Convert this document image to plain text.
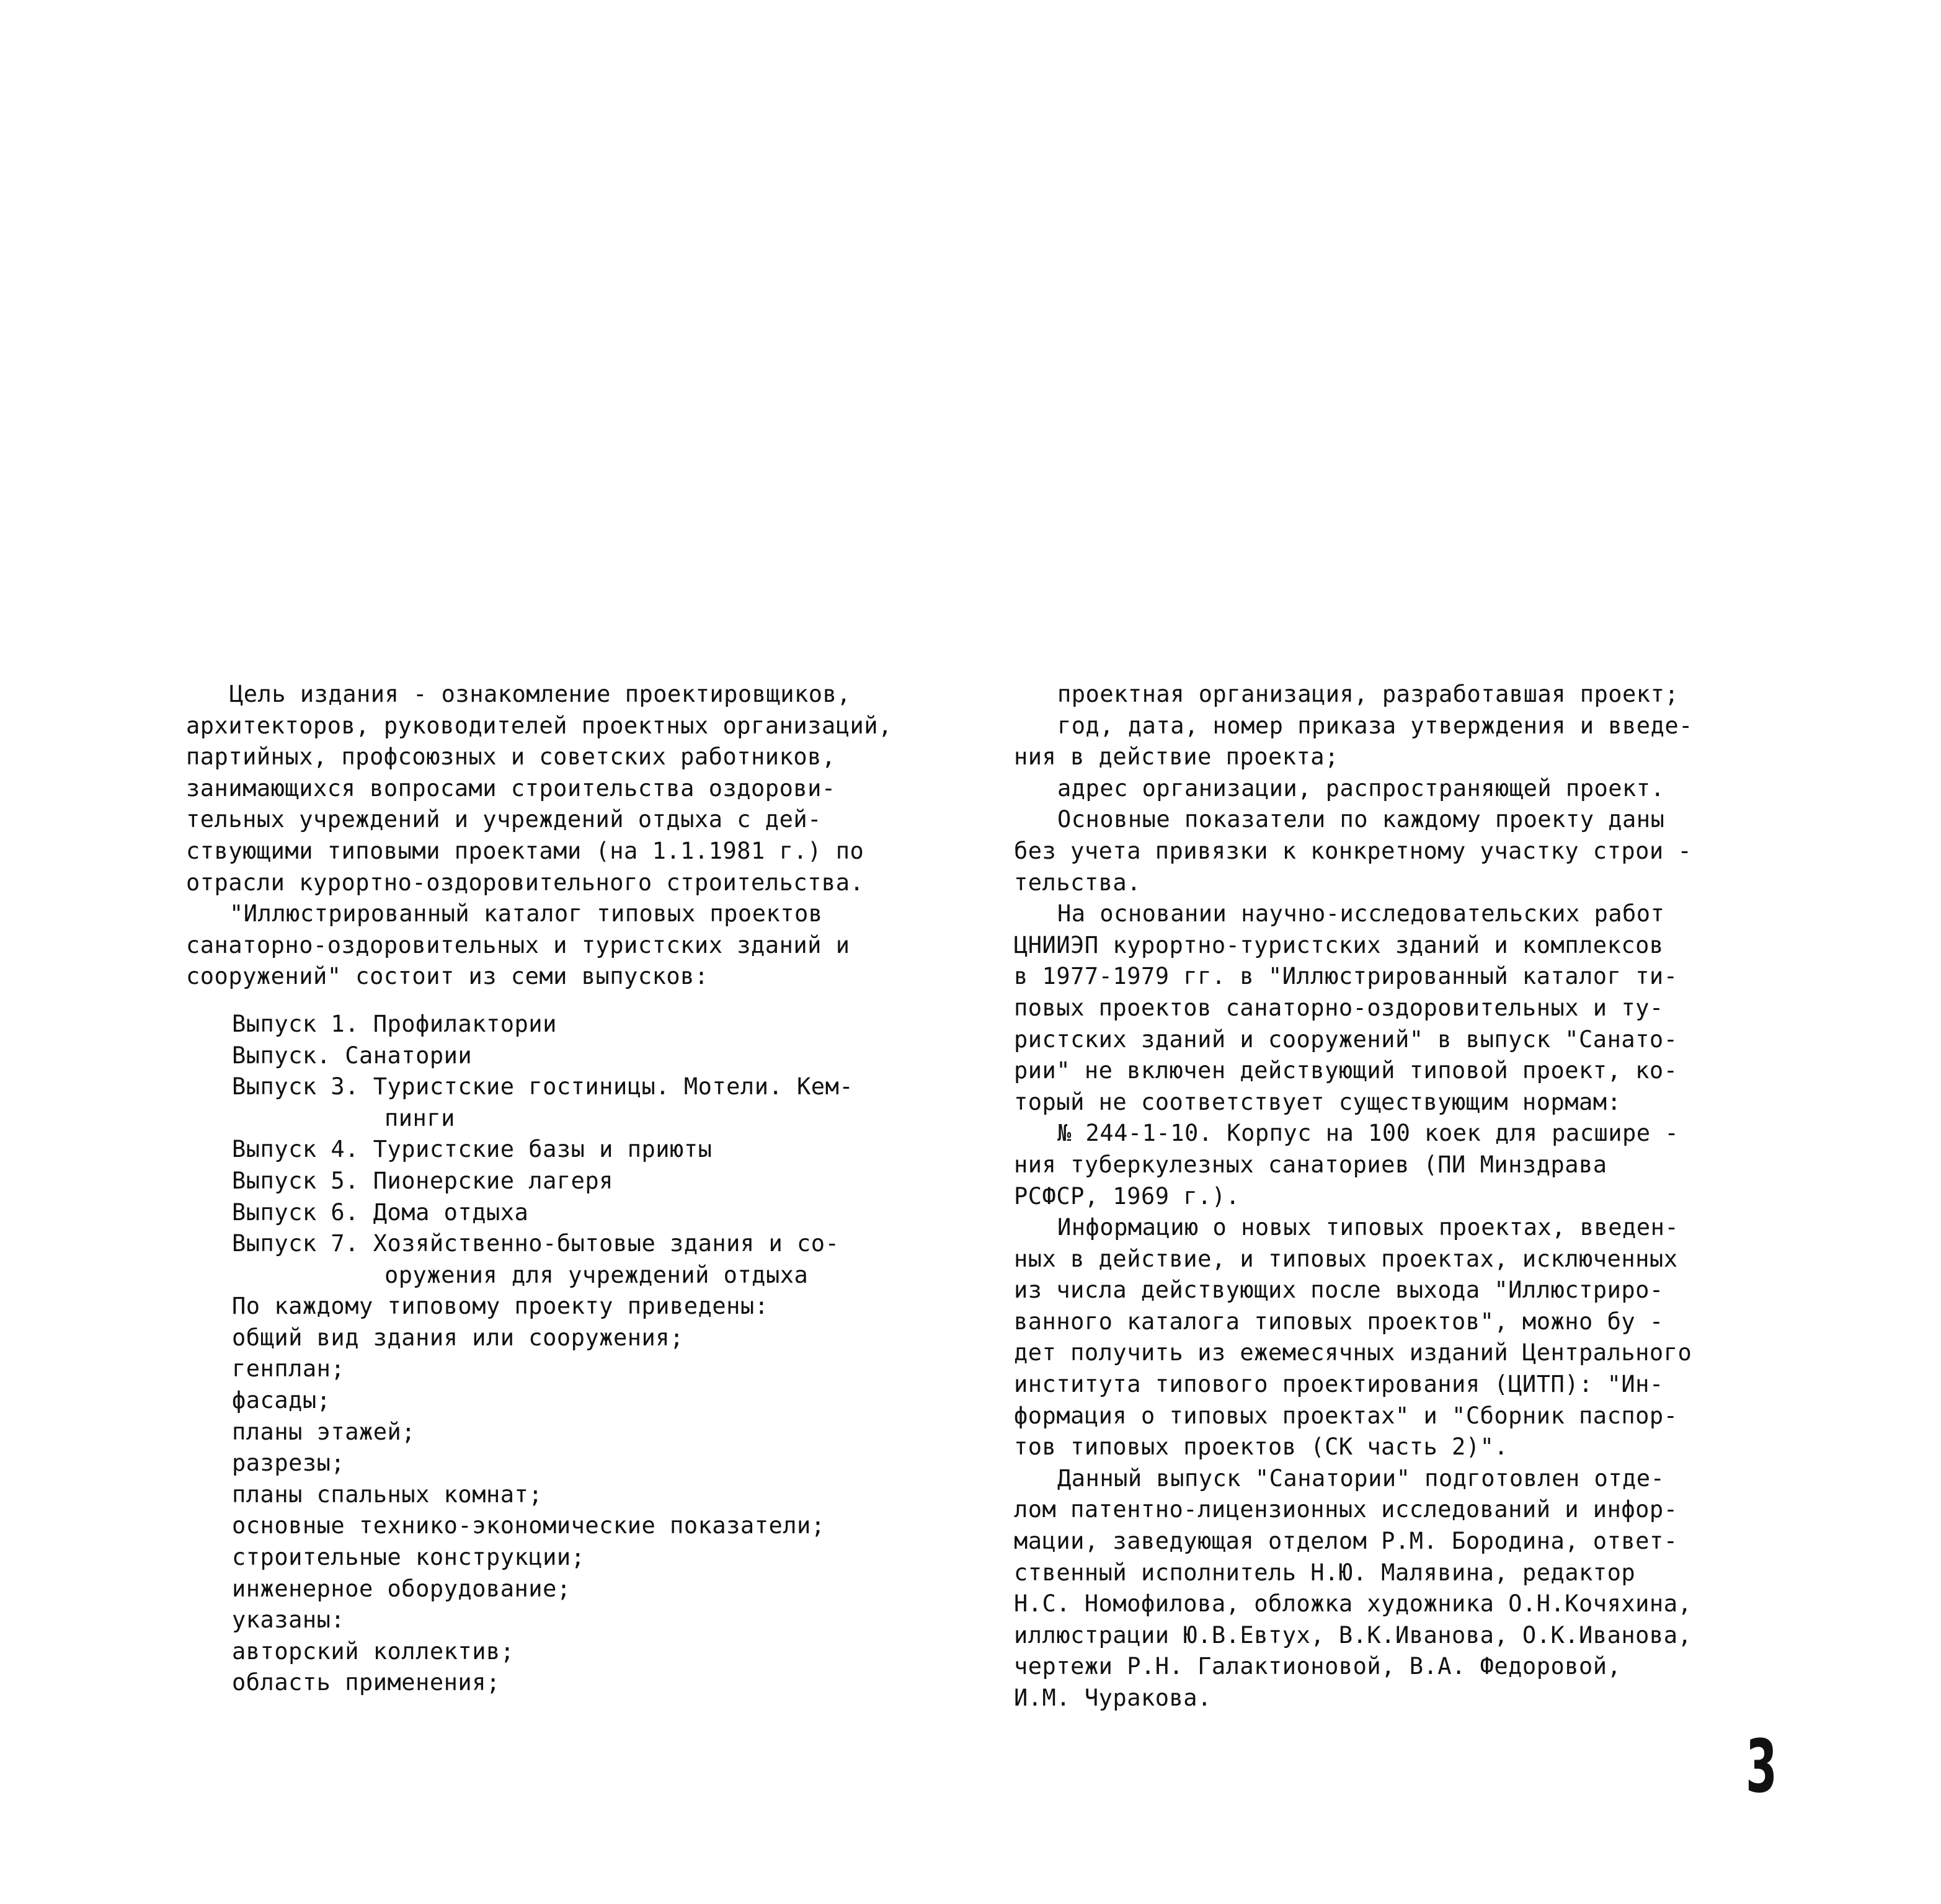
Цель издания - ознакомление проектировщиков,
архитекторов, руководителей проектных организаций,
партийных, профсоюзных и советских работников,
занимающихся вопросами строительства оздорови-
тельных учреждений и учреждений отдыха с дей-
ствующими типовыми проектами (на 1.1.1981 г.) по
отрасли курортно-оздоровительного строительства.
"Иллюстрированный каталог типовых проектов
санаторно-оздоровительных и туристских зданий и
сооружений" состоит из семи выпусков:
Выпуск 1. Профилактории
Выпуск. Санатории
Выпуск 3. Туристские гостиницы. Мотели. Кем-
пинги
Выпуск 4. Туристские базы и приюты
Выпуск 5. Пионерские лагеря
Выпуск 6. Дома отдыха
Выпуск 7. Хозяйственно-бытовые здания и со-
оружения для учреждений отдыха
По каждому типовому проекту приведены:
общий вид здания или сооружения;
генплан;
фасады;
планы этажей;
разрезы;
планы спальных комнат;
основные технико-экономические показатели;
строительные конструкции;
инженерное оборудование;
указаны:
авторский коллектив;
область применения;
проектная организация, разработавшая проект;
год, дата, номер приказа утверждения и введе-
ния в действие проекта;
адрес организации, распространяющей проект.
Основные показатели по каждому проекту даны
без учета привязки к конкретному участку строи -
тельства.
На основании научно-исследовательских работ
ЦНИИЭП курортно-туристских зданий и комплексов
в 1977-1979 гг. в "Иллюстрированный каталог ти-
повых проектов санаторно-оздоровительных и ту-
ристских зданий и сооружений" в выпуск "Санато-
рии" не включен действующий типовой проект, ко-
торый не соответствует существующим нормам:
№ 244-1-10. Корпус на 100 коек для расшире -
ния туберкулезных санаториев (ПИ Минздрава
РСФСР, 1969 г.).
Информацию о новых типовых проектах, введен-
ных в действие, и типовых проектах, исключенных
из числа действующих после выхода "Иллюстриро-
ванного каталога типовых проектов", можно бу -
дет получить из ежемесячных изданий Центрального
института типового проектирования (ЦИТП): "Ин-
формация о типовых проектах" и "Сборник паспор-
тов типовых проектов (СК часть 2)".
Данный выпуск "Санатории" подготовлен отде-
лом патентно-лицензионных исследований и инфор-
мации, заведующая отделом Р.М. Бородина, ответ-
ственный исполнитель Н.Ю. Малявина, редактор
Н.С. Номофилова, обложка художника О.Н.Кочяхина,
иллюстрации Ю.В.Евтух, В.К.Иванова, О.К.Иванова,
чертежи Р.Н. Галактионовой, В.А. Федоровой,
И.М. Чуракова.
3
